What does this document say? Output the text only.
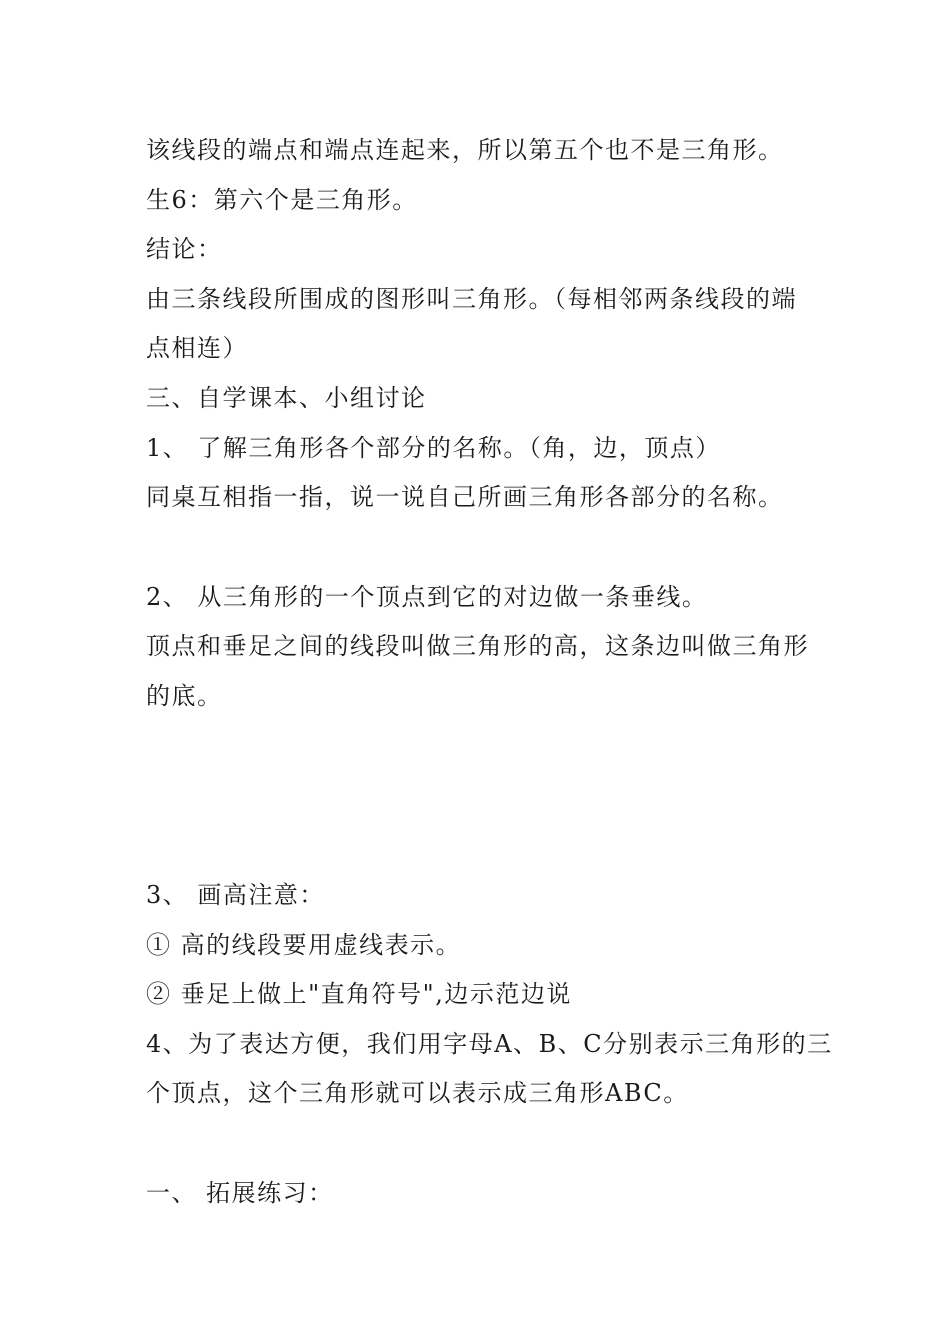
该线段的端点和端点连起来，所以第五个也不是三角形。
生6：第六个是三角形。
结论：
由三条线段所围成的图形叫三角形。（每相邻两条线段的端
点相连）
三、自学课本、小组讨论
1、 了解三角形各个部分的名称。（角，边，顶点）
同桌互相指一指，说一说自己所画三角形各部分的名称。
2、 从三角形的一个顶点到它的对边做一条垂线。
顶点和垂足之间的线段叫做三角形的高，这条边叫做三角形
的底。
3、 画高注意：
① 高的线段要用虚线表示。
② 垂足上做上"直角符号",边示范边说
4、为了表达方便，我们用字母A、B、C分别表示三角形的三
个顶点，这个三角形就可以表示成三角形ABC。
一、 拓展练习：
